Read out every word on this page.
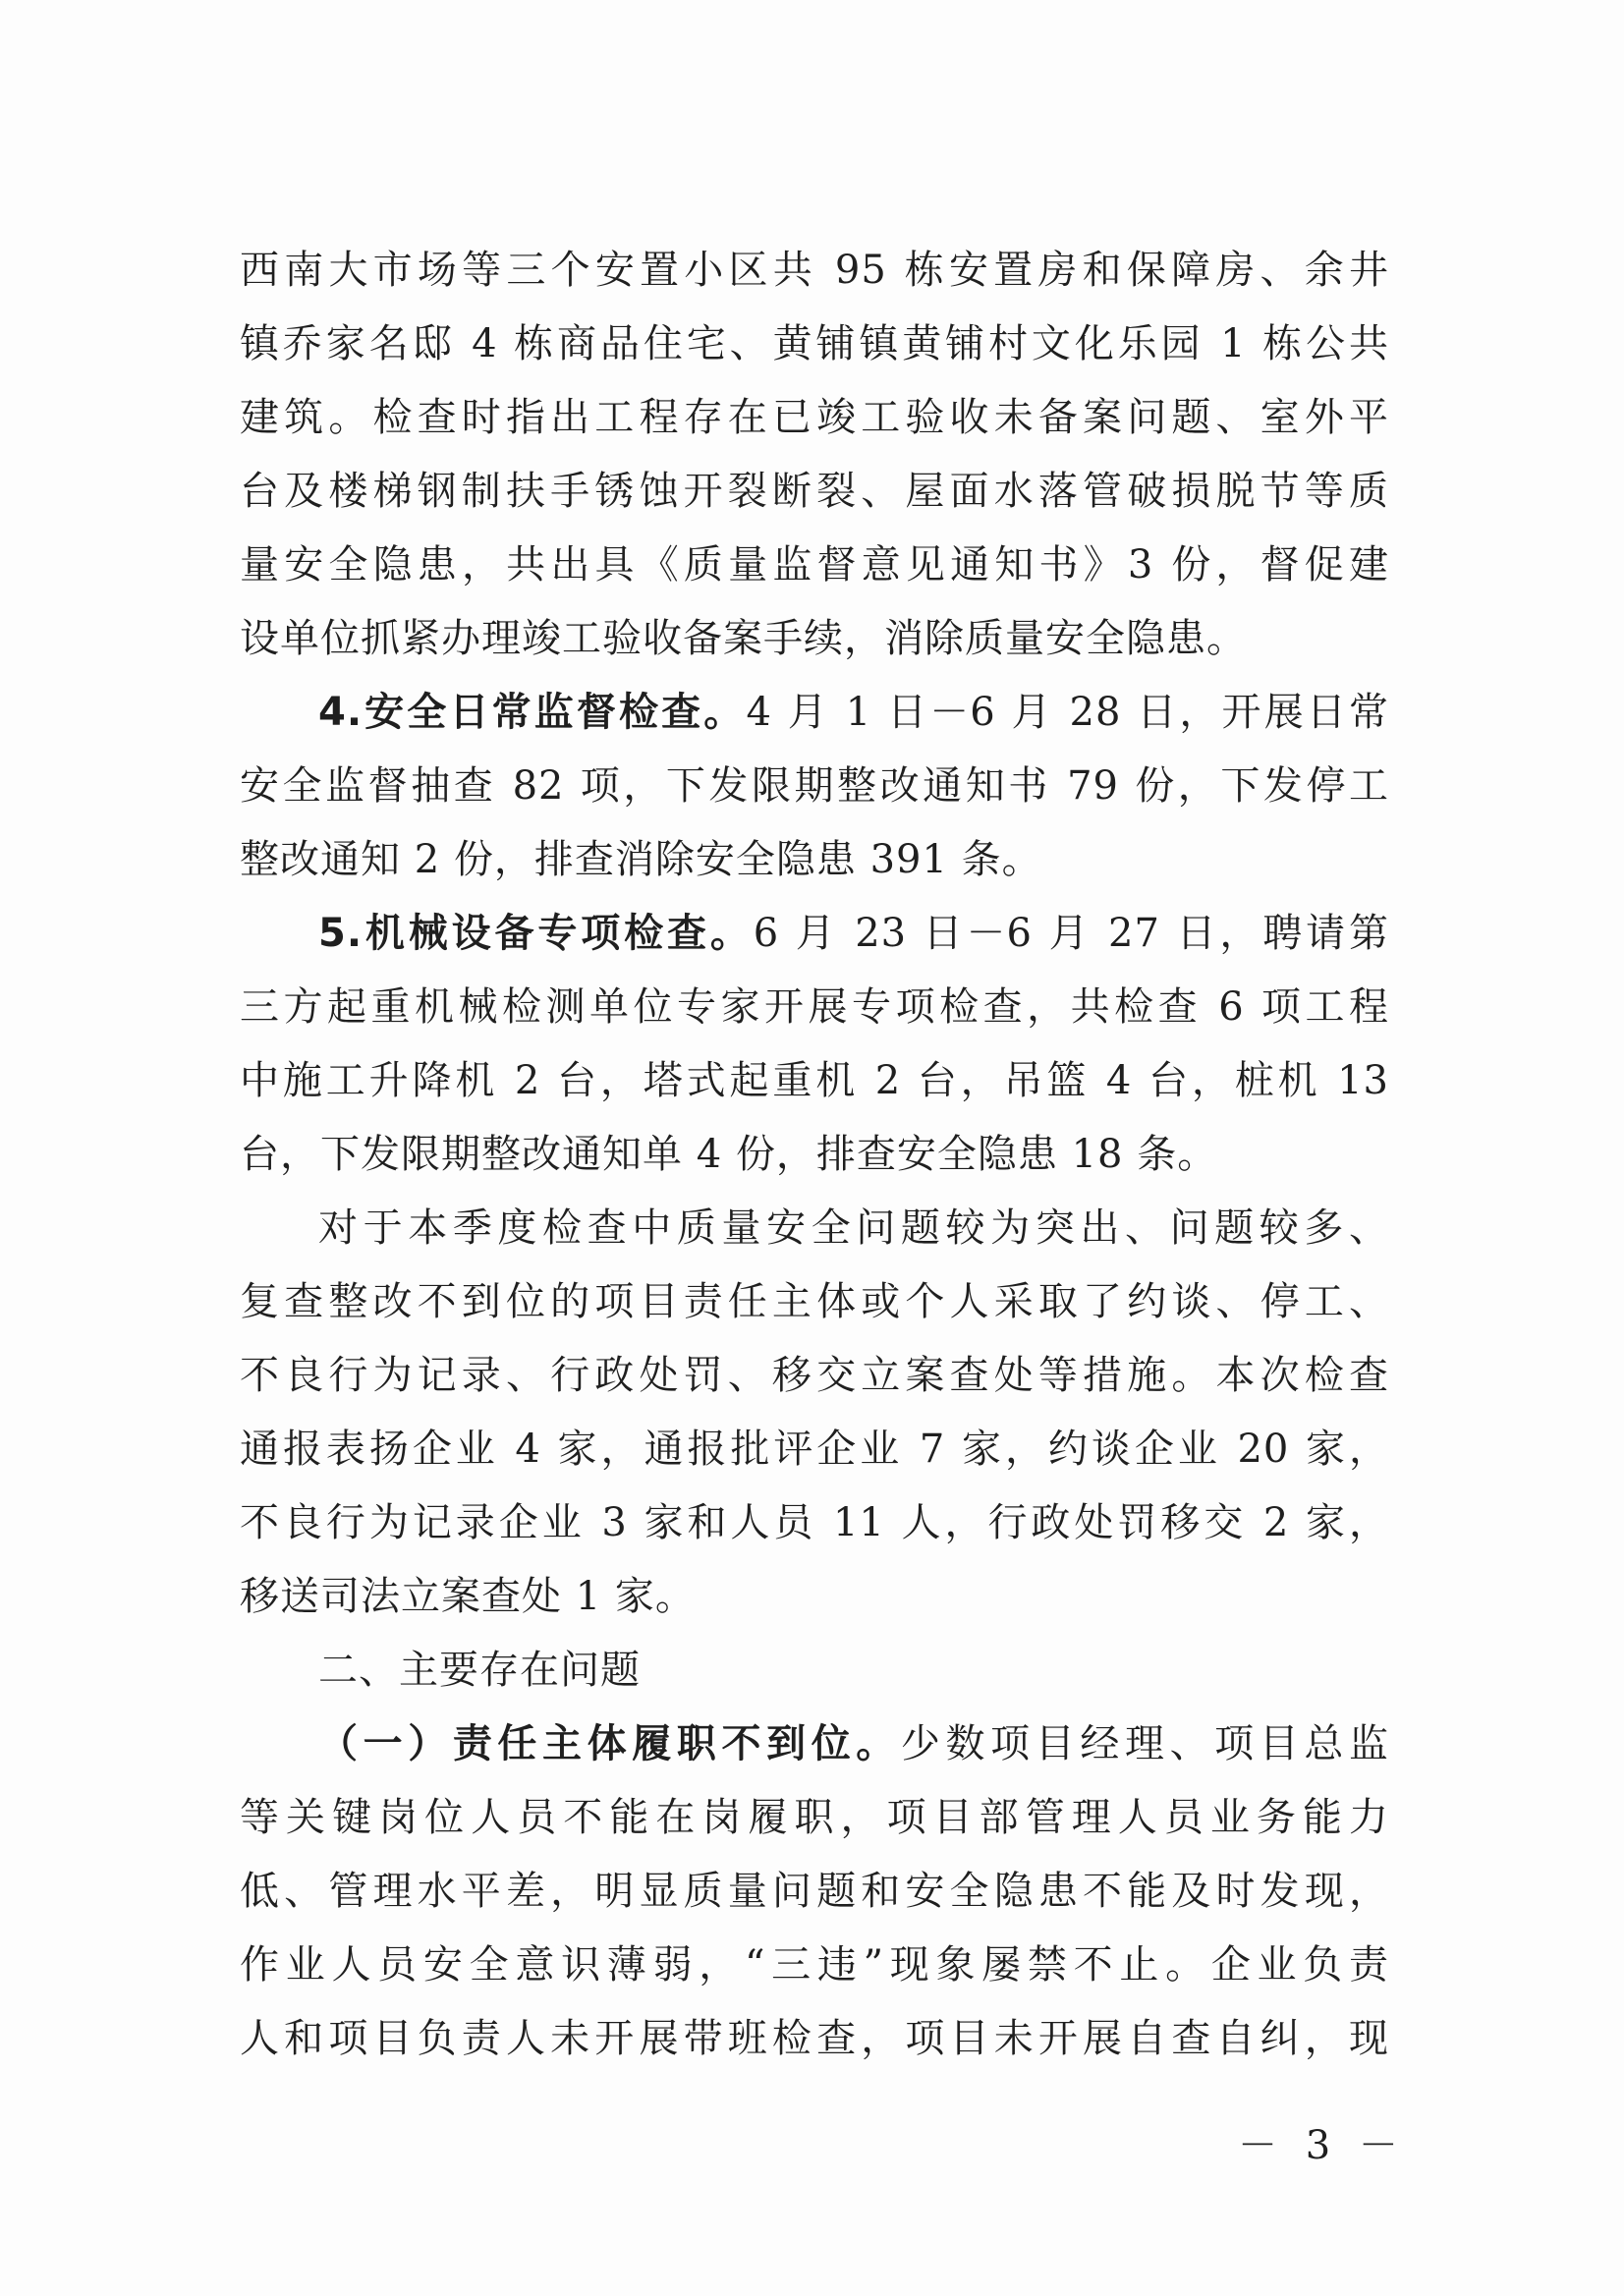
西南大市场等三个安置小区共 95 栋安置房和保障房、余井
镇乔家名邸 4 栋商品住宅、黄铺镇黄铺村文化乐园 1 栋公共
建筑。检查时指出工程存在已竣工验收未备案问题、室外平
台及楼梯钢制扶手锈蚀开裂断裂、屋面水落管破损脱节等质
量安全隐患，共出具《质量监督意见通知书》3 份，督促建
设单位抓紧办理竣工验收备案手续，消除质量安全隐患。
4.安全日常监督检查。4 月 1 日－6 月 28 日，开展日常
安全监督抽查 82 项，下发限期整改通知书 79 份，下发停工
整改通知 2 份，排查消除安全隐患 391 条。
5.机械设备专项检查。6 月 23 日－6 月 27 日，聘请第
三方起重机械检测单位专家开展专项检查，共检查 6 项工程
中施工升降机 2 台，塔式起重机 2 台，吊篮 4 台，桩机 13
台，下发限期整改通知单 4 份，排查安全隐患 18 条。
对于本季度检查中质量安全问题较为突出、问题较多、
复查整改不到位的项目责任主体或个人采取了约谈、停工、
不良行为记录、行政处罚、移交立案查处等措施。本次检查
通报表扬企业 4 家，通报批评企业 7 家，约谈企业 20 家，
不良行为记录企业 3 家和人员 11 人，行政处罚移交 2 家，
移送司法立案查处 1 家。
二、主要存在问题
（一）责任主体履职不到位。少数项目经理、项目总监
等关键岗位人员不能在岗履职，项目部管理人员业务能力
低、管理水平差，明显质量问题和安全隐患不能及时发现，
作业人员安全意识薄弱，“三违”现象屡禁不止。企业负责
人和项目负责人未开展带班检查，项目未开展自查自纠，现
－ 3 －
